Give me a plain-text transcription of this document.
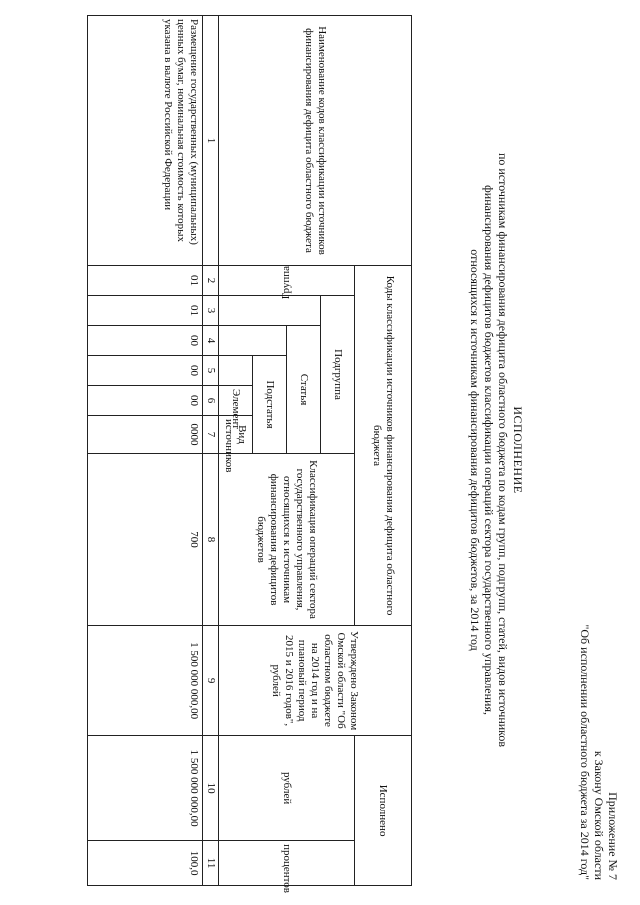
Приложение № 7
к Закону Омской области
"Об исполнении областного бюджета за 2014 год"
ИСПОЛНЕНИЕ
по источникам финансирования дефицита областного бюджета по кодам групп, подгрупп, статей, видов источников
финансирования дефицитов бюджетов классификации операций сектора государственного управления,
относящихся к источникам финансирования дефицитов бюджетов, за 2014 год
Наименование кодов классификации источников финансирования дефицита областного бюджета	Коды классификации источников финансирования дефицита областного бюджета							Утверждено Законом Омской области "Об областном бюджете на 2014 год и на плановый период 2015 и 2016 годов", рублей	Исполнено	
	Группа	Подгруппа					Классификация операций сектора государственного управления, относящихся к источникам финансирования дефицитов бюджетов		рублей	процентов
			Статья							
				Подстатья						
					Элемент	Вид источников				
1	2	3	4	5	6	7	8	9	10	11
Размещение государственных (муниципальных) ценных бумаг, номинальная стоимость которых указана в валюте Российской Федерации	01	01	00	00	00	0000	700	1 500 000 000,00	1 500 000 000,00	100,0
